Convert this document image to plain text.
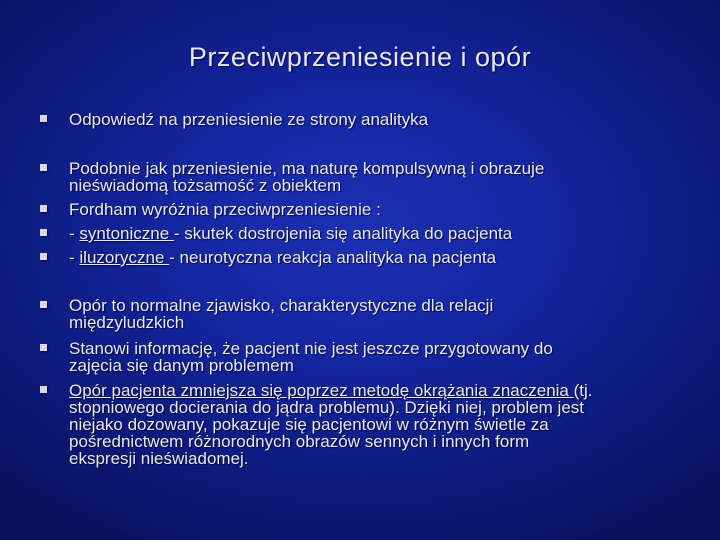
Przeciwprzeniesienie i opór
Odpowiedź na przeniesienie ze strony analityka
Podobnie jak przeniesienie, ma naturę kompulsywną i obrazuje
nieświadomą tożsamość z obiektem
Fordham wyróżnia przeciwprzeniesienie :
- syntoniczne - skutek dostrojenia się analityka do pacjenta
- iluzoryczne - neurotyczna reakcja analityka na pacjenta
Opór to normalne zjawisko, charakterystyczne dla relacji
międzyludzkich
Stanowi informację, że pacjent nie jest jeszcze przygotowany do
zajęcia się danym problemem
Opór pacjenta zmniejsza się poprzez metodę okrążania znaczenia (tj.
stopniowego docierania do jądra problemu). Dzięki niej, problem jest
niejako dozowany, pokazuje się pacjentowi w różnym świetle za
pośrednictwem różnorodnych obrazów sennych i innych form
ekspresji nieświadomej.
